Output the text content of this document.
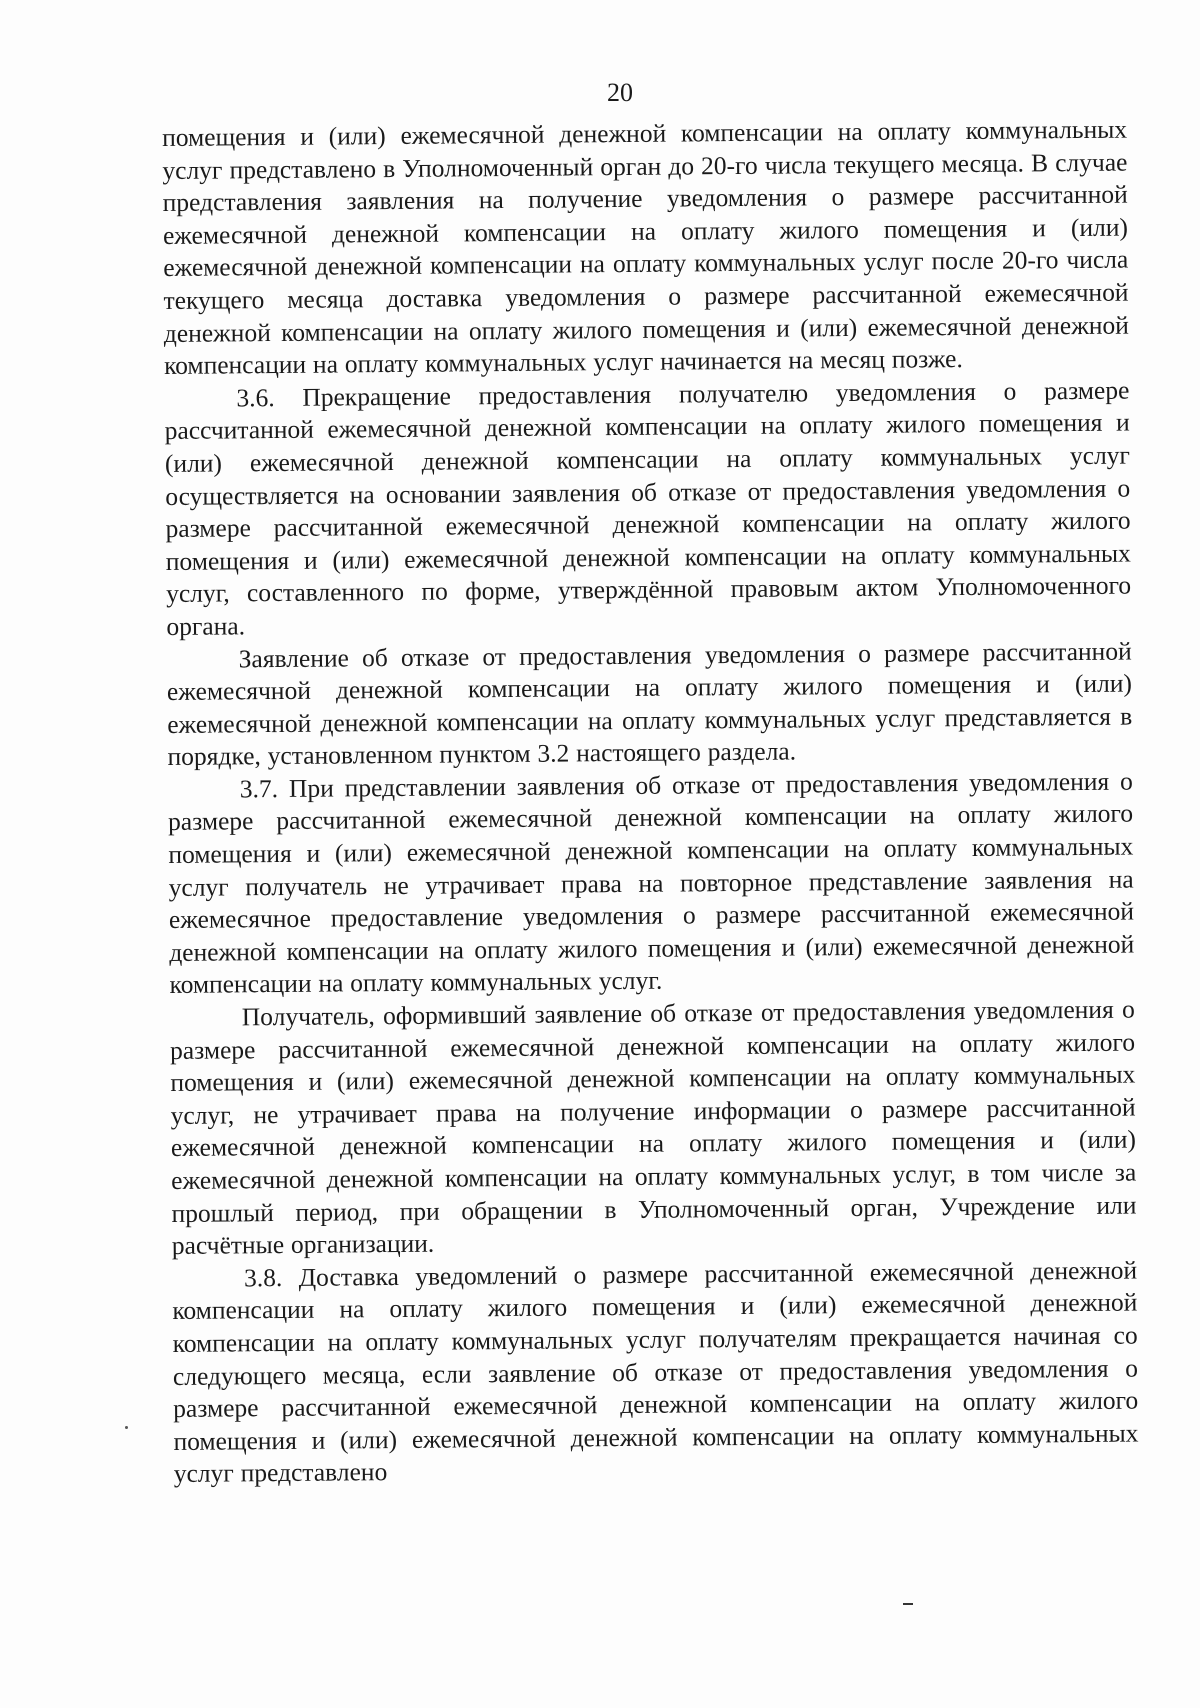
20

помещения и (или) ежемесячной денежной компенсации на оплату коммунальных услуг представлено в Уполномоченный орган до 20-го числа текущего месяца. В случае представления заявления на получение уведомления о размере рассчитанной ежемесячной денежной компенсации на оплату жилого помещения и (или) ежемесячной денежной компенсации на оплату коммунальных услуг после 20-го числа текущего месяца доставка уведомления о размере рассчитанной ежемесячной денежной компенсации на оплату жилого помещения и (или) ежемесячной денежной компенсации на оплату коммунальных услуг начинается на месяц позже.

3.6. Прекращение предоставления получателю уведомления о размере рассчитанной ежемесячной денежной компенсации на оплату жилого помещения и (или) ежемесячной денежной компенсации на оплату коммунальных услуг осуществляется на основании заявления об отказе от предоставления уведомления о размере рассчитанной ежемесячной денежной компенсации на оплату жилого помещения и (или) ежемесячной денежной компенсации на оплату коммунальных услуг, составленного по форме, утверждённой правовым актом Уполномоченного органа.

Заявление об отказе от предоставления уведомления о размере рассчитанной ежемесячной денежной компенсации на оплату жилого помещения и (или) ежемесячной денежной компенсации на оплату коммунальных услуг представляется в порядке, установленном пунктом 3.2 настоящего раздела.

3.7. При представлении заявления об отказе от предоставления уведомления о размере рассчитанной ежемесячной денежной компенсации на оплату жилого помещения и (или) ежемесячной денежной компенсации на оплату коммунальных услуг получатель не утрачивает права на повторное представление заявления на ежемесячное предоставление уведомления о размере рассчитанной ежемесячной денежной компенсации на оплату жилого помещения и (или) ежемесячной денежной компенсации на оплату коммунальных услуг.

Получатель, оформивший заявление об отказе от предоставления уведомления о размере рассчитанной ежемесячной денежной компенсации на оплату жилого помещения и (или) ежемесячной денежной компенсации на оплату коммунальных услуг, не утрачивает права на получение информации о размере рассчитанной ежемесячной денежной компенсации на оплату жилого помещения и (или) ежемесячной денежной компенсации на оплату коммунальных услуг, в том числе за прошлый период, при обращении в Уполномоченный орган, Учреждение или расчётные организации.

3.8. Доставка уведомлений о размере рассчитанной ежемесячной денежной компенсации на оплату жилого помещения и (или) ежемесячной денежной компенсации на оплату коммунальных услуг получателям прекращается начиная со следующего месяца, если заявление об отказе от предоставления уведомления о размере рассчитанной ежемесячной денежной компенсации на оплату жилого помещения и (или) ежемесячной денежной компенсации на оплату коммунальных услуг представлено
